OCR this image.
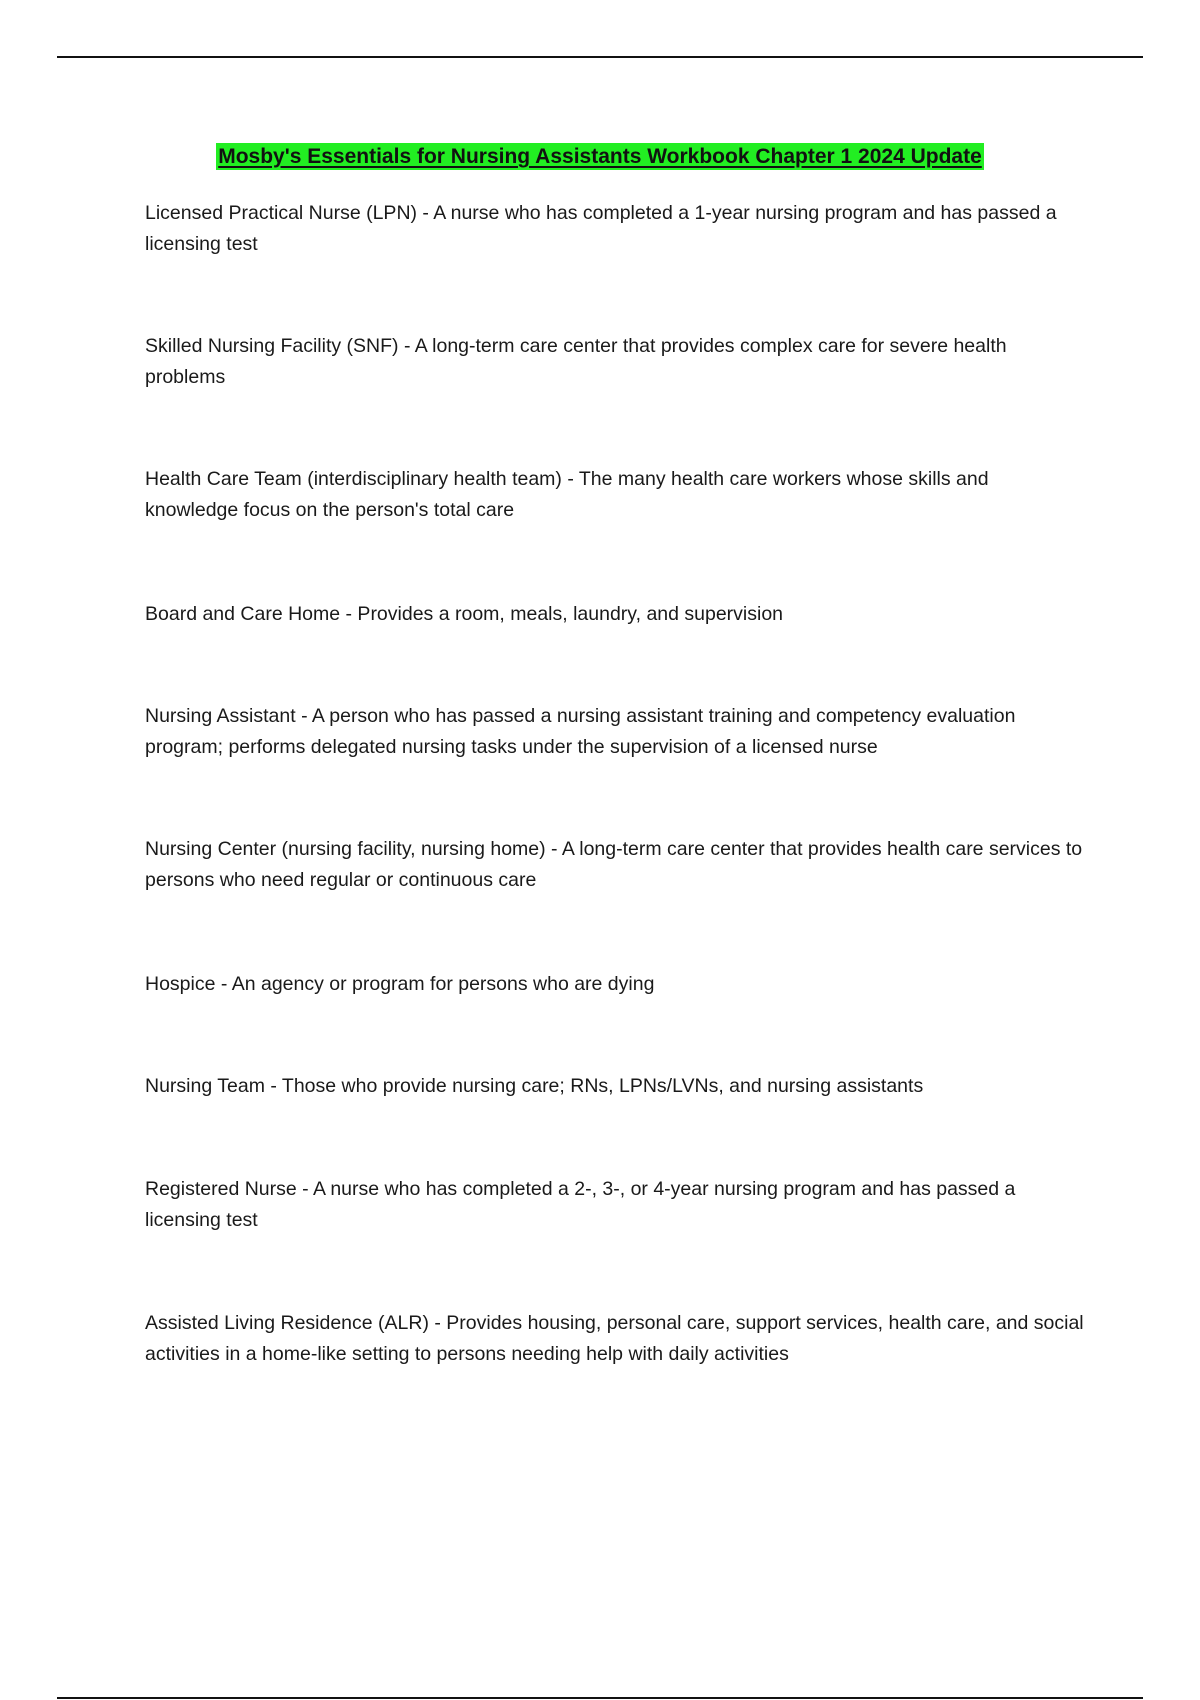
Mosby's Essentials for Nursing Assistants Workbook Chapter 1 2024 Update

Licensed Practical Nurse (LPN) - A nurse who has completed a 1-year nursing program and has passed a licensing test

Skilled Nursing Facility (SNF) - A long-term care center that provides complex care for severe health problems

Health Care Team (interdisciplinary health team) - The many health care workers whose skills and knowledge focus on the person's total care

Board and Care Home - Provides a room, meals, laundry, and supervision

Nursing Assistant - A person who has passed a nursing assistant training and competency evaluation program; performs delegated nursing tasks under the supervision of a licensed nurse

Nursing Center (nursing facility, nursing home) - A long-term care center that provides health care services to persons who need regular or continuous care

Hospice - An agency or program for persons who are dying

Nursing Team - Those who provide nursing care; RNs, LPNs/LVNs, and nursing assistants

Registered Nurse - A nurse who has completed a 2-, 3-, or 4-year nursing program and has passed a licensing test

Assisted Living Residence (ALR) - Provides housing, personal care, support services, health care, and social activities in a home-like setting to persons needing help with daily activities
